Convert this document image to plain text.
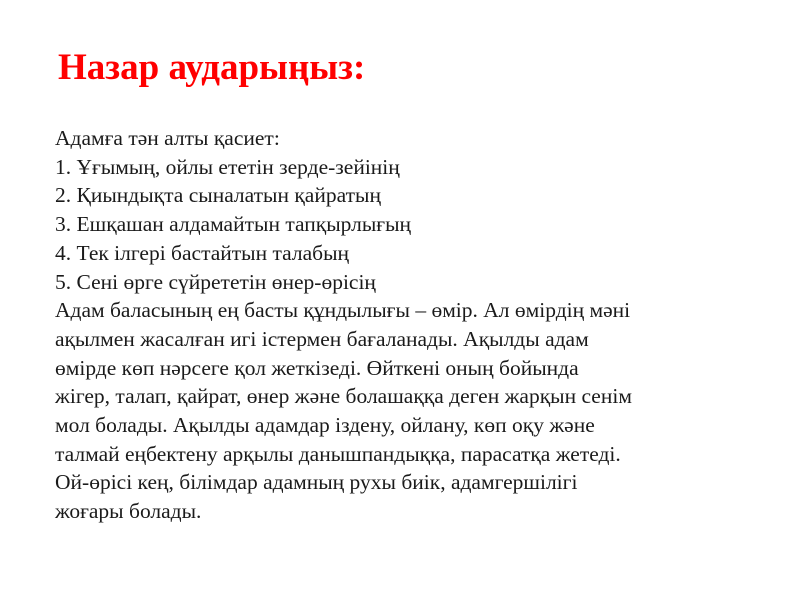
Назар аударыңыз:
Адамға тән алты қасиет:
1. Ұғымың, ойлы ететін зерде-зейінің
2. Қиындықта сыналатын қайратың
3. Ешқашан алдамайтын тапқырлығың
4. Тек ілгері бастайтын талабың
5. Сені өрге сүйрететін өнер-өрісің
Адам баласының ең басты құндылығы – өмір. Ал өмірдің мәні
ақылмен жасалған игі істермен бағаланады. Ақылды адам
өмірде көп нәрсеге қол жеткізеді. Өйткені оның бойында
жігер, талап, қайрат, өнер және болашаққа деген жарқын сенім
мол болады. Ақылды адамдар іздену, ойлану, көп оқу және
талмай еңбектену арқылы данышпандыққа, парасатқа жетеді.
Ой-өрісі кең, білімдар адамның рухы биік, адамгершілігі
жоғары болады.
